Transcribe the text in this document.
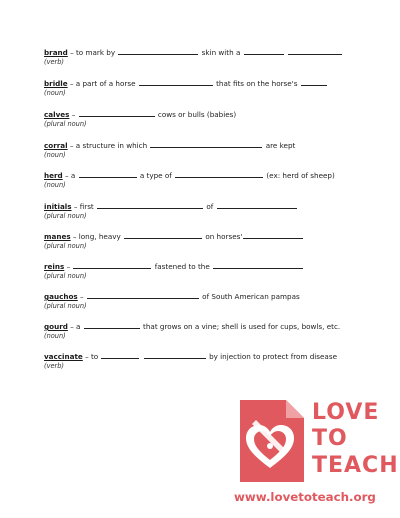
brand – to mark by	skin with a
(verb)
bridle – a part of a horse	that fits on the horse's
(noun)
calves –	cows or bulls (babies)
(plural noun)
corral – a structure in which	are kept
(noun)
herd – a	a type of	(ex: herd of sheep)
(noun)
initials – first	of
(plural noun)
manes – long, heavy	on horses'
(plural noun)
reins –	fastened to the
(plural noun)
gauchos –	of South American pampas
(plural noun)
gourd – a	that grows on a vine; shell is used for cups, bowls, etc.
(noun)
vaccinate – to	by injection to protect from disease
(verb)
LOVE
TO
TEACH
www.lovetoteach.org
